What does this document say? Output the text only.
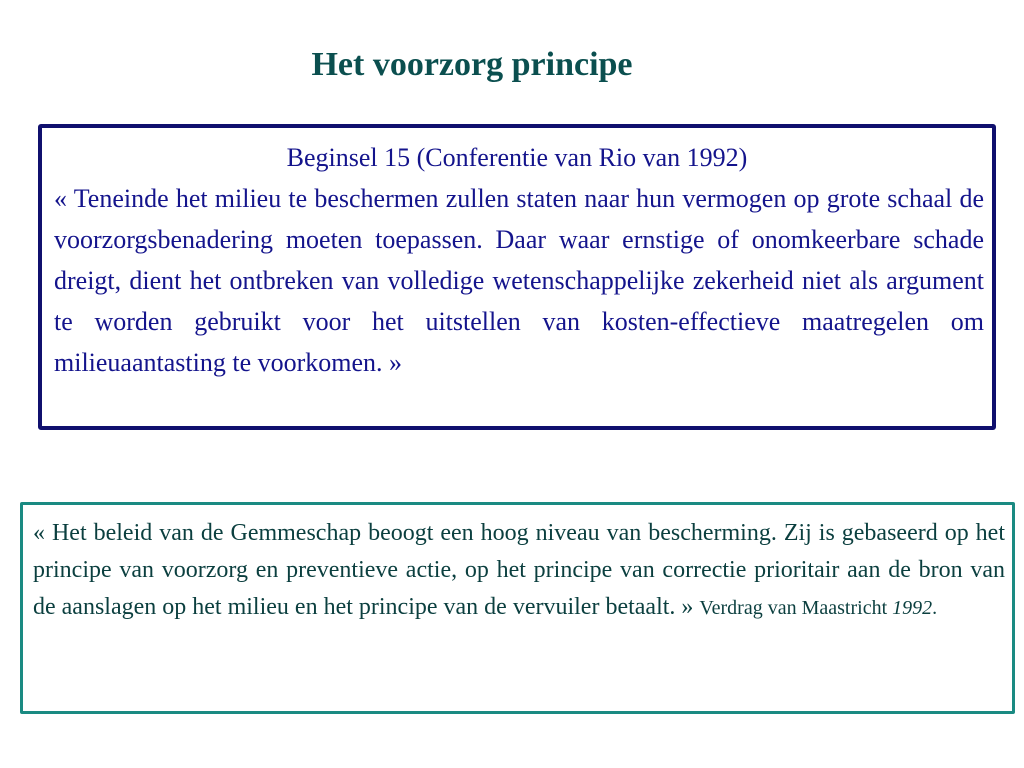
Het voorzorg principe

Beginsel 15 (Conferentie van Rio van 1992)

« Teneinde het milieu te beschermen zullen staten naar hun vermogen op grote schaal de voorzorgsbenadering moeten toepassen. Daar waar ernstige of onomkeerbare schade dreigt, dient het ontbreken van volledige wetenschappelijke zekerheid niet als argument te worden gebruikt voor het uitstellen van kosten-effectieve maatregelen om milieuaantasting te voorkomen. »

« Het beleid van de Gemmeschap beoogt een hoog niveau van bescherming. Zij is gebaseerd op het principe van voorzorg en preventieve actie, op het principe van correctie prioritair aan de bron van de aanslagen op het milieu en het principe van de vervuiler betaalt. » Verdrag van Maastricht 1992.
